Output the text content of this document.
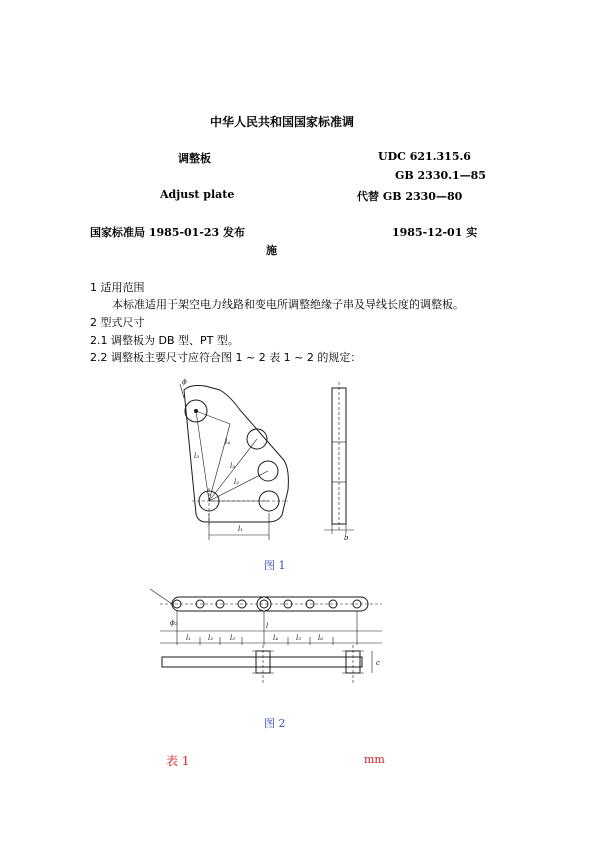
中华人民共和国国家标准调
调整板	UDC 621.315.6
GB 2330.1—85
Adjust plate	代替 GB 2330—80
国家标准局 1985-01-23 发布	1985-12-01 实
施
1 适用范围
本标准适用于架空电力线路和变电所调整绝缘子串及导线长度的调整板。
2 型式尺寸
2.1 调整板为 DB 型、PT 型。
2.2 调整板主要尺寸应符合图 1 ~ 2 表 1 ~ 2 的规定：
ϕ
l₅
l₄
l₃
l₂
l₁
b
图 1
ϕ₂
l₁ l₂ l₃	l₄	l₅ l₆
l
c
图 2
表 1	mm
